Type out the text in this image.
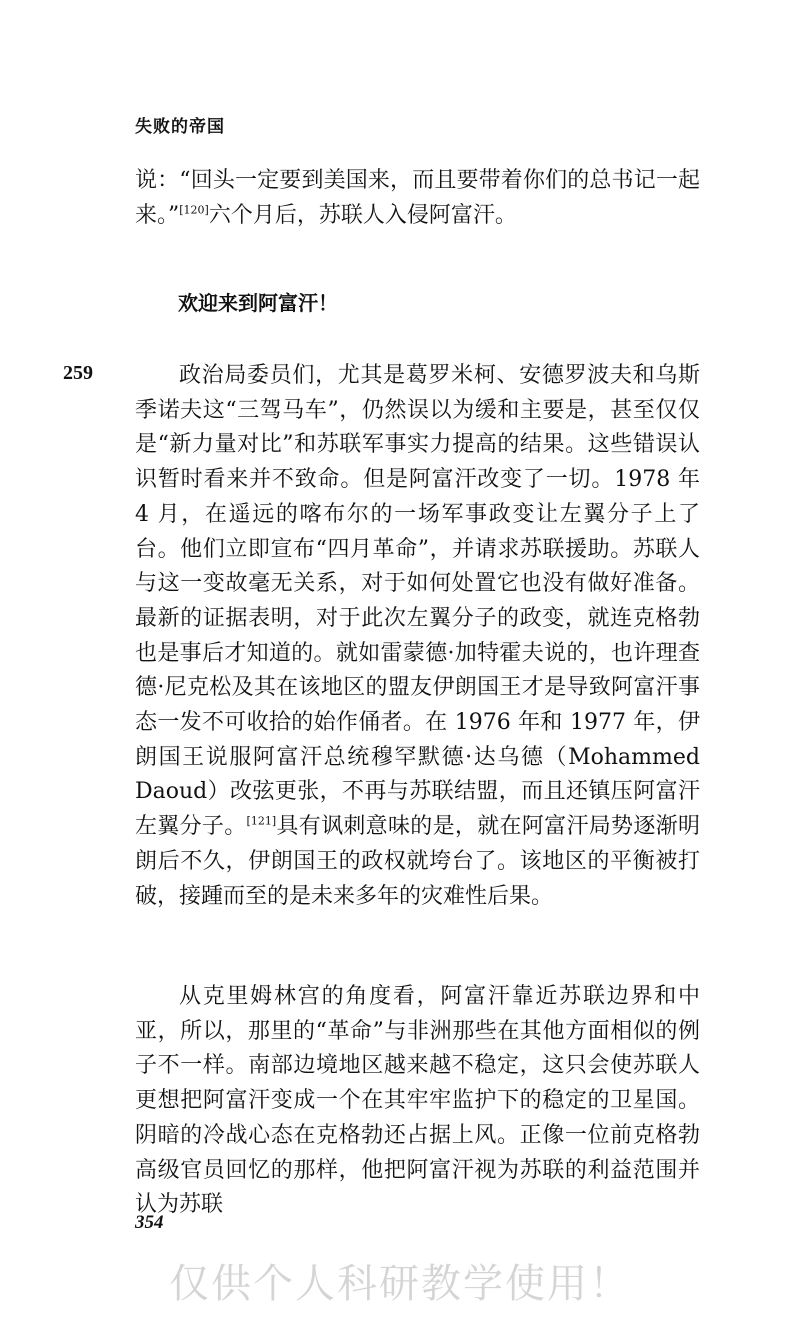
失败的帝国
说：“回头一定要到美国来，而且要带着你们的总书记一起来。”[120]六个月后，苏联人入侵阿富汗。
欢迎来到阿富汗！
259	政治局委员们，尤其是葛罗米柯、安德罗波夫和乌斯季诺夫这“三驾马车”，仍然误以为缓和主要是，甚至仅仅是“新力量对比”和苏联军事实力提高的结果。这些错误认识暂时看来并不致命。但是阿富汗改变了一切。1978 年 4 月，在遥远的喀布尔的一场军事政变让左翼分子上了台。他们立即宣布“四月革命”，并请求苏联援助。苏联人与这一变故毫无关系，对于如何处置它也没有做好准备。最新的证据表明，对于此次左翼分子的政变，就连克格勃也是事后才知道的。就如雷蒙德·加特霍夫说的，也许理查德·尼克松及其在该地区的盟友伊朗国王才是导致阿富汗事态一发不可收拾的始作俑者。在 1976 年和 1977 年，伊朗国王说服阿富汗总统穆罕默德·达乌德（Mohammed Daoud）改弦更张，不再与苏联结盟，而且还镇压阿富汗左翼分子。[121]具有讽刺意味的是，就在阿富汗局势逐渐明朗后不久，伊朗国王的政权就垮台了。该地区的平衡被打破，接踵而至的是未来多年的灾难性后果。
从克里姆林宫的角度看，阿富汗靠近苏联边界和中亚，所以，那里的“革命”与非洲那些在其他方面相似的例子不一样。南部边境地区越来越不稳定，这只会使苏联人更想把阿富汗变成一个在其牢牢监护下的稳定的卫星国。阴暗的冷战心态在克格勃还占据上风。正像一位前克格勃高级官员回忆的那样，他把阿富汗视为苏联的利益范围并认为苏联
354
仅供个人科研教学使用！
